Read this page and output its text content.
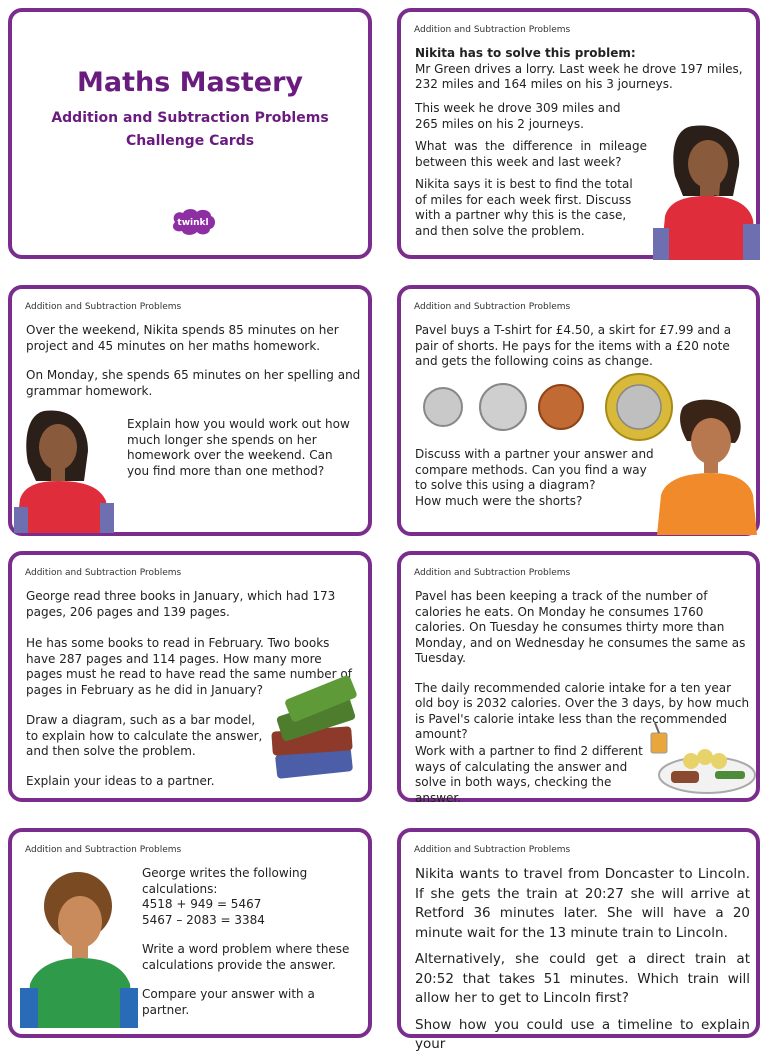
Maths Mastery
Addition and Subtraction Problems
Challenge Cards
twinkl
Addition and Subtraction Problems
Nikita has to solve this problem:

Mr Green drives a lorry. Last week he drove 197 miles, 232 miles and 164 miles on his 3 journeys.

This week he drove 309 miles and 265 miles on his 2 journeys.

What was the difference in mileage between this week and last week?

Nikita says it is best to find the total of miles for each week first. Discuss with a partner why this is the case, and then solve the problem.

Addition and Subtraction Problems

Over the weekend, Nikita spends 85 minutes on her project and 45 minutes on her maths homework.

On Monday, she spends 65 minutes on her spelling and grammar homework.

Explain how you would work out how much longer she spends on her homework over the weekend. Can you find more than one method?

Addition and Subtraction Problems

Pavel buys a T-shirt for £4.50, a skirt for £7.99 and a pair of shorts. He pays for the items with a £20 note and gets the following coins as change.

Discuss with a partner your answer and compare methods. Can you find a way to solve this using a diagram?
How much were the shorts?
Addition and Subtraction Problems

George read three books in January, which had 173 pages, 206 pages and 139 pages.

He has some books to read in February. Two books have 287 pages and 114 pages. How many more pages must he read to have read the same number of pages in February as he did in January?

Draw a diagram, such as a bar model, to explain how to calculate the answer, and then solve the problem.

Explain your ideas to a partner.

Addition and Subtraction Problems

Pavel has been keeping a track of the number of calories he eats. On Monday he consumes 1760 calories. On Tuesday he consumes thirty more than Monday, and on Wednesday he consumes the same as Tuesday.

The daily recommended calorie intake for a ten year old boy is 2032 calories. Over the 3 days, by how much is Pavel's calorie intake less than the recommended amount?

Work with a partner to find 2 different ways of calculating the answer and solve in both ways, checking the answer.

Addition and Subtraction Problems
George writes the following calculations:
4518 + 949 = 5467

5467 – 2083 = 3384

Write a word problem where these calculations provide the answer.

Compare your answer with a partner.

Addition and Subtraction Problems

Nikita wants to travel from Doncaster to Lincoln. If she gets the train at 20:27 she will arrive at Retford 36 minutes later. She will have a 20 minute wait for the 13 minute train to Lincoln.

Alternatively, she could get a direct train at 20:52 that takes 51 minutes. Which train will allow her to get to Lincoln first?

Show how you could use a timeline to explain your
